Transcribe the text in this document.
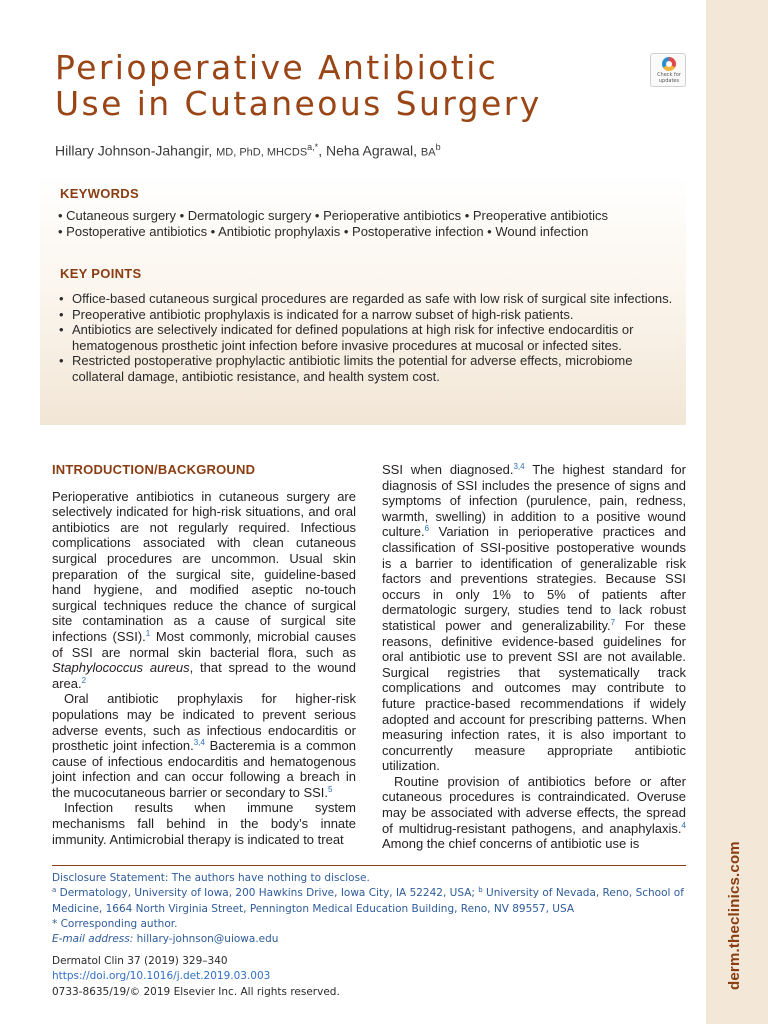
derm.theclinics.com
Perioperative Antibiotic
Use in Cutaneous Surgery
Check for
updates
Hillary Johnson-Jahangir, MD, PhD, $MHCDS^{a,*}$, Neha Agrawal, $BA^b$
KEYWORDS
• Cutaneous surgery • Dermatologic surgery • Perioperative antibiotics • Preoperative antibiotics
• Postoperative antibiotics • Antibiotic prophylaxis • Postoperative infection • Wound infection
KEY POINTS
• Office-based cutaneous surgical procedures are regarded as safe with low risk of surgical site infections.
• Preoperative antibiotic prophylaxis is indicated for a narrow subset of high-risk patients.
• Antibiotics are selectively indicated for defined populations at high risk for infective endocarditis or hematogenous prosthetic joint infection before invasive procedures at mucosal or infected sites.
• Restricted postoperative prophylactic antibiotic limits the potential for adverse effects, microbiome collateral damage, antibiotic resistance, and health system cost.
INTRODUCTION/BACKGROUND

Perioperative antibiotics in cutaneous surgery are selectively indicated for high-risk situations, and oral antibiotics are not regularly required. Infectious complications associated with clean cutaneous surgical procedures are uncommon. Usual skin preparation of the surgical site, guideline-based hand hygiene, and modified aseptic no-touch surgical techniques reduce the chance of surgical site contamination as a cause of surgical site infections (SSI).$^1$ Most commonly, microbial causes of SSI are normal skin bacterial flora, such as Staphylococcus aureus, that spread to the wound area.$^2$

Oral antibiotic prophylaxis for higher-risk populations may be indicated to prevent serious adverse events, such as infectious endocarditis or prosthetic joint infection.$^{3,4}$ Bacteremia is a common cause of infectious endocarditis and hematogenous joint infection and can occur following a breach in the mucocutaneous barrier or secondary to SSI.$^5$

Infection results when immune system mechanisms fall behind in the body’s innate immunity. Antimicrobial therapy is indicated to treat

Disclosure Statement: The authors have nothing to disclose.
$^a$ Dermatology, University of Iowa, 200 Hawkins Drive, Iowa City, IA 52242, USA; $^b$ University of Nevada, Reno, School of Medicine, 1664 North Virginia Street, Pennington Medical Education Building, Reno, NV 89557, USA
* Corresponding author.
E-mail address: hillary-johnson@uiowa.edu
Dermatol Clin 37 (2019) 329–340
https://doi.org/10.1016/j.det.2019.03.003
0733-8635/19/© 2019 Elsevier Inc. All rights reserved.

SSI when diagnosed.$^{3,4}$ The highest standard for diagnosis of SSI includes the presence of signs and symptoms of infection (purulence, pain, redness, warmth, swelling) in addition to a positive wound culture.$^6$ Variation in perioperative practices and classification of SSI-positive postoperative wounds is a barrier to identification of generalizable risk factors and preventions strategies. Because SSI occurs in only 1% to 5% of patients after dermatologic surgery, studies tend to lack robust statistical power and generalizability.$^7$ For these reasons, definitive evidence-based guidelines for oral antibiotic use to prevent SSI are not available. Surgical registries that systematically track complications and outcomes may contribute to future practice-based recommendations if widely adopted and account for prescribing patterns. When measuring infection rates, it is also important to concurrently measure appropriate antibiotic utilization.

Routine provision of antibiotics before or after cutaneous procedures is contraindicated. Overuse may be associated with adverse effects, the spread of multidrug-resistant pathogens, and anaphylaxis.$^4$ Among the chief concerns of antibiotic use is
